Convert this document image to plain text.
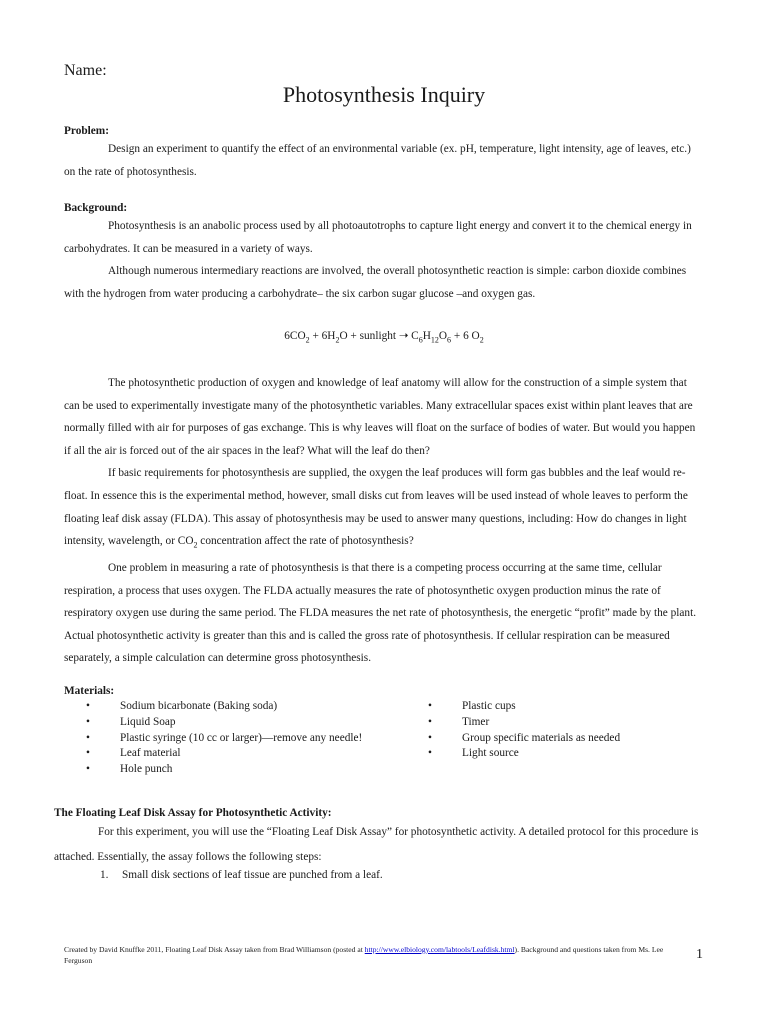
Name:
Photosynthesis Inquiry
Problem:
Design an experiment to quantify the effect of an environmental variable (ex. pH, temperature, light intensity, age of leaves, etc.) on the rate of photosynthesis.
Background:
Photosynthesis is an anabolic process used by all photoautotrophs to capture light energy and convert it to the chemical energy in carbohydrates. It can be measured in a variety of ways.
Although numerous intermediary reactions are involved, the overall photosynthetic reaction is simple: carbon dioxide combines with the hydrogen from water producing a carbohydrate– the six carbon sugar glucose –and oxygen gas.
$6CO_2 + 6H_2O$ + sunlight ➝ $C_6H_{12}O_6 + 6$ $O_2$
The photosynthetic production of oxygen and knowledge of leaf anatomy will allow for the construction of a simple system that can be used to experimentally investigate many of the photosynthetic variables. Many extracellular spaces exist within plant leaves that are normally filled with air for purposes of gas exchange. This is why leaves will float on the surface of bodies of water. But would you happen if all the air is forced out of the air spaces in the leaf? What will the leaf do then?
If basic requirements for photosynthesis are supplied, the oxygen the leaf produces will form gas bubbles and the leaf would re-float. In essence this is the experimental method, however, small disks cut from leaves will be used instead of whole leaves to perform the floating leaf disk assay (FLDA). This assay of photosynthesis may be used to answer many questions, including: How do changes in light intensity, wavelength, or $CO_2$ concentration affect the rate of photosynthesis?
One problem in measuring a rate of photosynthesis is that there is a competing process occurring at the same time, cellular respiration, a process that uses oxygen. The FLDA actually measures the rate of photosynthetic oxygen production minus the rate of respiratory oxygen use during the same period. The FLDA measures the net rate of photosynthesis, the energetic “profit” made by the plant. Actual photosynthetic activity is greater than this and is called the gross rate of photosynthesis. If cellular respiration can be measured separately, a simple calculation can determine gross photosynthesis.
Materials:
• Sodium bicarbonate (Baking soda)
• Liquid Soap
• Plastic syringe (10 cc or larger)—remove any needle!
• Leaf material
• Hole punch
• Plastic cups
• Timer
• Group specific materials as needed
• Light source
The Floating Leaf Disk Assay for Photosynthetic Activity:
For this experiment, you will use the “Floating Leaf Disk Assay” for photosynthetic activity. A detailed protocol for this procedure is attached. Essentially, the assay follows the following steps:
1. Small disk sections of leaf tissue are punched from a leaf.
Created by David Knuffke 2011, Floating Leaf Disk Assay taken from Brad Williamson (posted at http://www.elbiology.com/labtools/Leafdisk.html). Background and questions taken from Ms. Lee Ferguson	1
